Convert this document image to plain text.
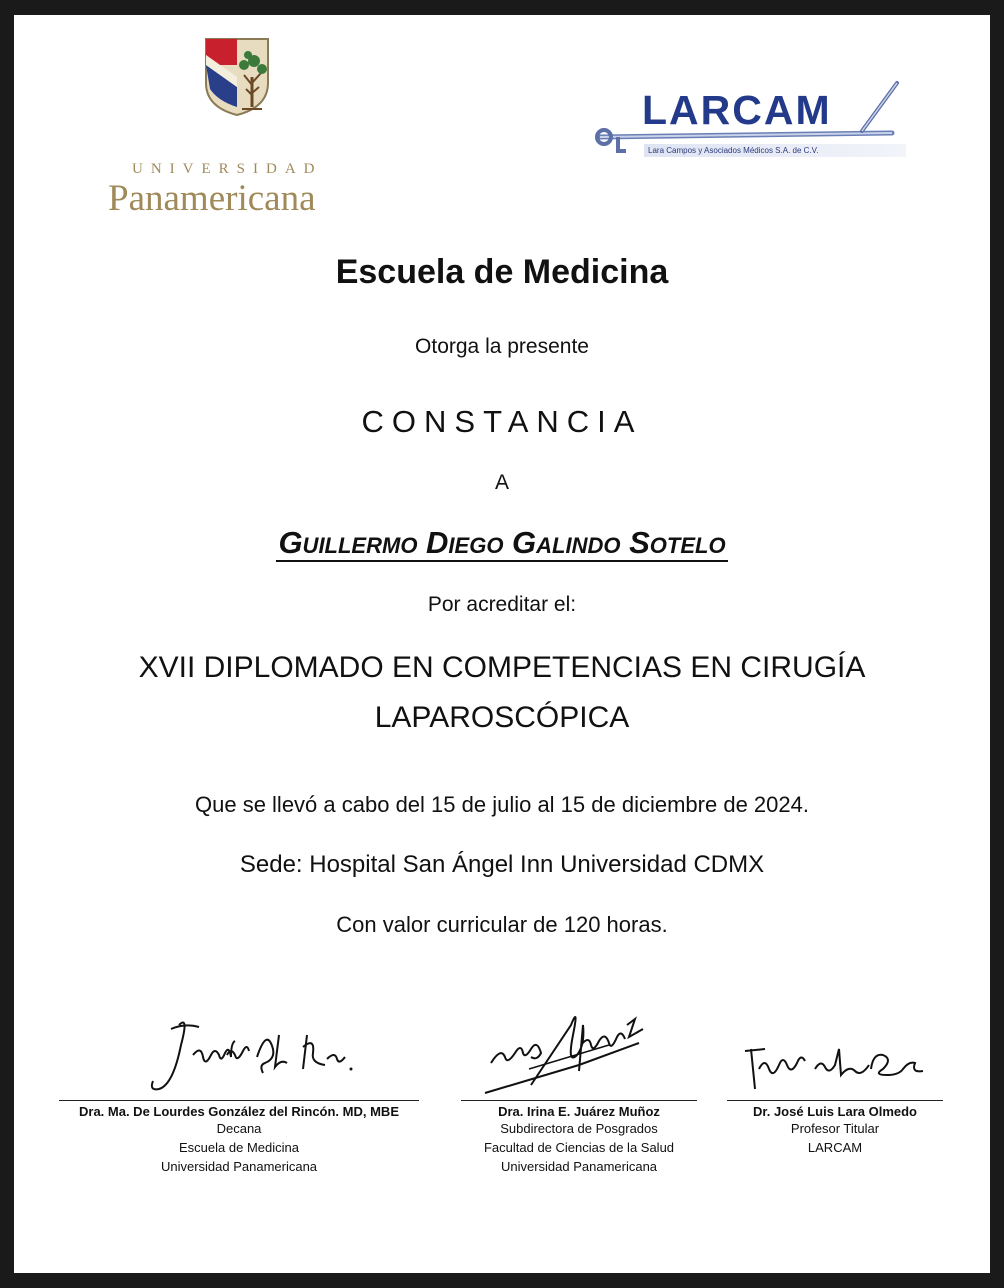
UNIVERSIDAD
Panamericana
LARCAM
Lara Campos y Asociados Médicos S.A. de C.V.
Escuela de Medicina
Otorga la presente
CONSTANCIA
A
Guillermo Diego Galindo Sotelo
Por acreditar el:
XVII DIPLOMADO EN COMPETENCIAS EN CIRUGÍA
LAPAROSCÓPICA
Que se llevó a cabo del 15 de julio al 15 de diciembre de 2024.
Sede: Hospital San Ángel Inn Universidad CDMX
Con valor curricular de 120 horas.
Dra. Ma. De Lourdes González del Rincón. MD, MBE
Decana
Escuela de Medicina
Universidad Panamericana
Dra. Irina E. Juárez Muñoz
Subdirectora de Posgrados
Facultad de Ciencias de la Salud
Universidad Panamericana
Dr. José Luis Lara Olmedo
Profesor Titular
LARCAM
